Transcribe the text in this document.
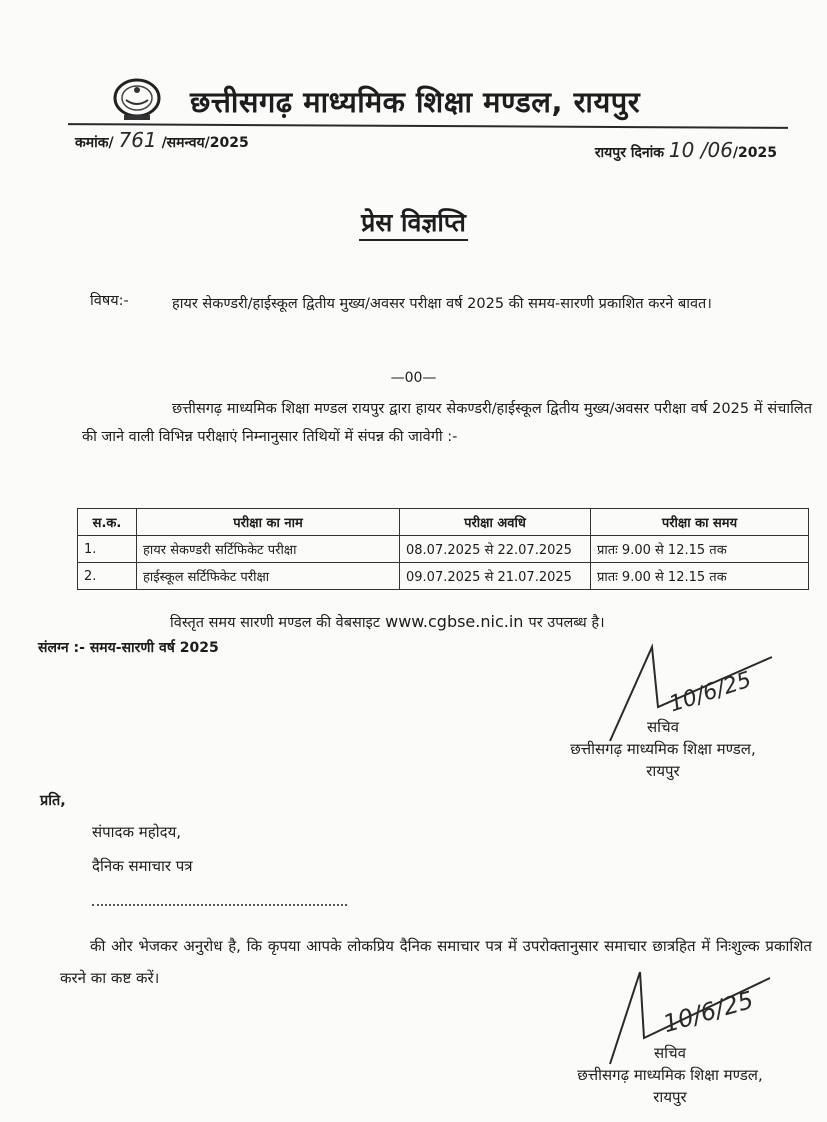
छत्तीसगढ़ माध्यमिक शिक्षा मण्डल, रायपुर
कमांक/ 761 /समन्वय/2025
रायपुर दिनांक 10 /06/2025
प्रेस विज्ञप्ति
विषय:-	हायर सेकण्डरी/हाईस्कूल द्वितीय मुख्य/अवसर परीक्षा वर्ष 2025 की समय-सारणी प्रकाशित करने बावत।
—00—
छत्तीसगढ़ माध्यमिक शिक्षा मण्डल रायपुर द्वारा हायर सेकण्डरी/हाईस्कूल द्वितीय मुख्य/अवसर परीक्षा वर्ष 2025 में संचालित की जाने वाली विभिन्न परीक्षाएं निम्नानुसार तिथियों में संपन्न की जावेगी :-
स.क.	परीक्षा का नाम	परीक्षा अवधि	परीक्षा का समय
1.	हायर सेकण्डरी सर्टिफिकेट परीक्षा	08.07.2025 से 22.07.2025	प्रातः 9.00 से 12.15 तक
2.	हाईस्कूल सर्टिफिकेट परीक्षा	09.07.2025 से 21.07.2025	प्रातः 9.00 से 12.15 तक
विस्तृत समय सारणी मण्डल की वेबसाइट www.cgbse.nic.in पर उपलब्ध है।
संलग्न :- समय-सारणी वर्ष 2025
10/6/25
सचिव
छत्तीसगढ़ माध्यमिक शिक्षा मण्डल,
रायपुर
प्रति,
संपादक महोदय,
दैनिक समाचार पत्र
की ओर भेजकर अनुरोध है, कि कृपया आपके लोकप्रिय दैनिक समाचार पत्र में उपरोक्तानुसार समाचार छात्रहित में निःशुल्क प्रकाशित करने का कष्ट करें।
10/6/25
सचिव
छत्तीसगढ़ माध्यमिक शिक्षा मण्डल,
रायपुर
